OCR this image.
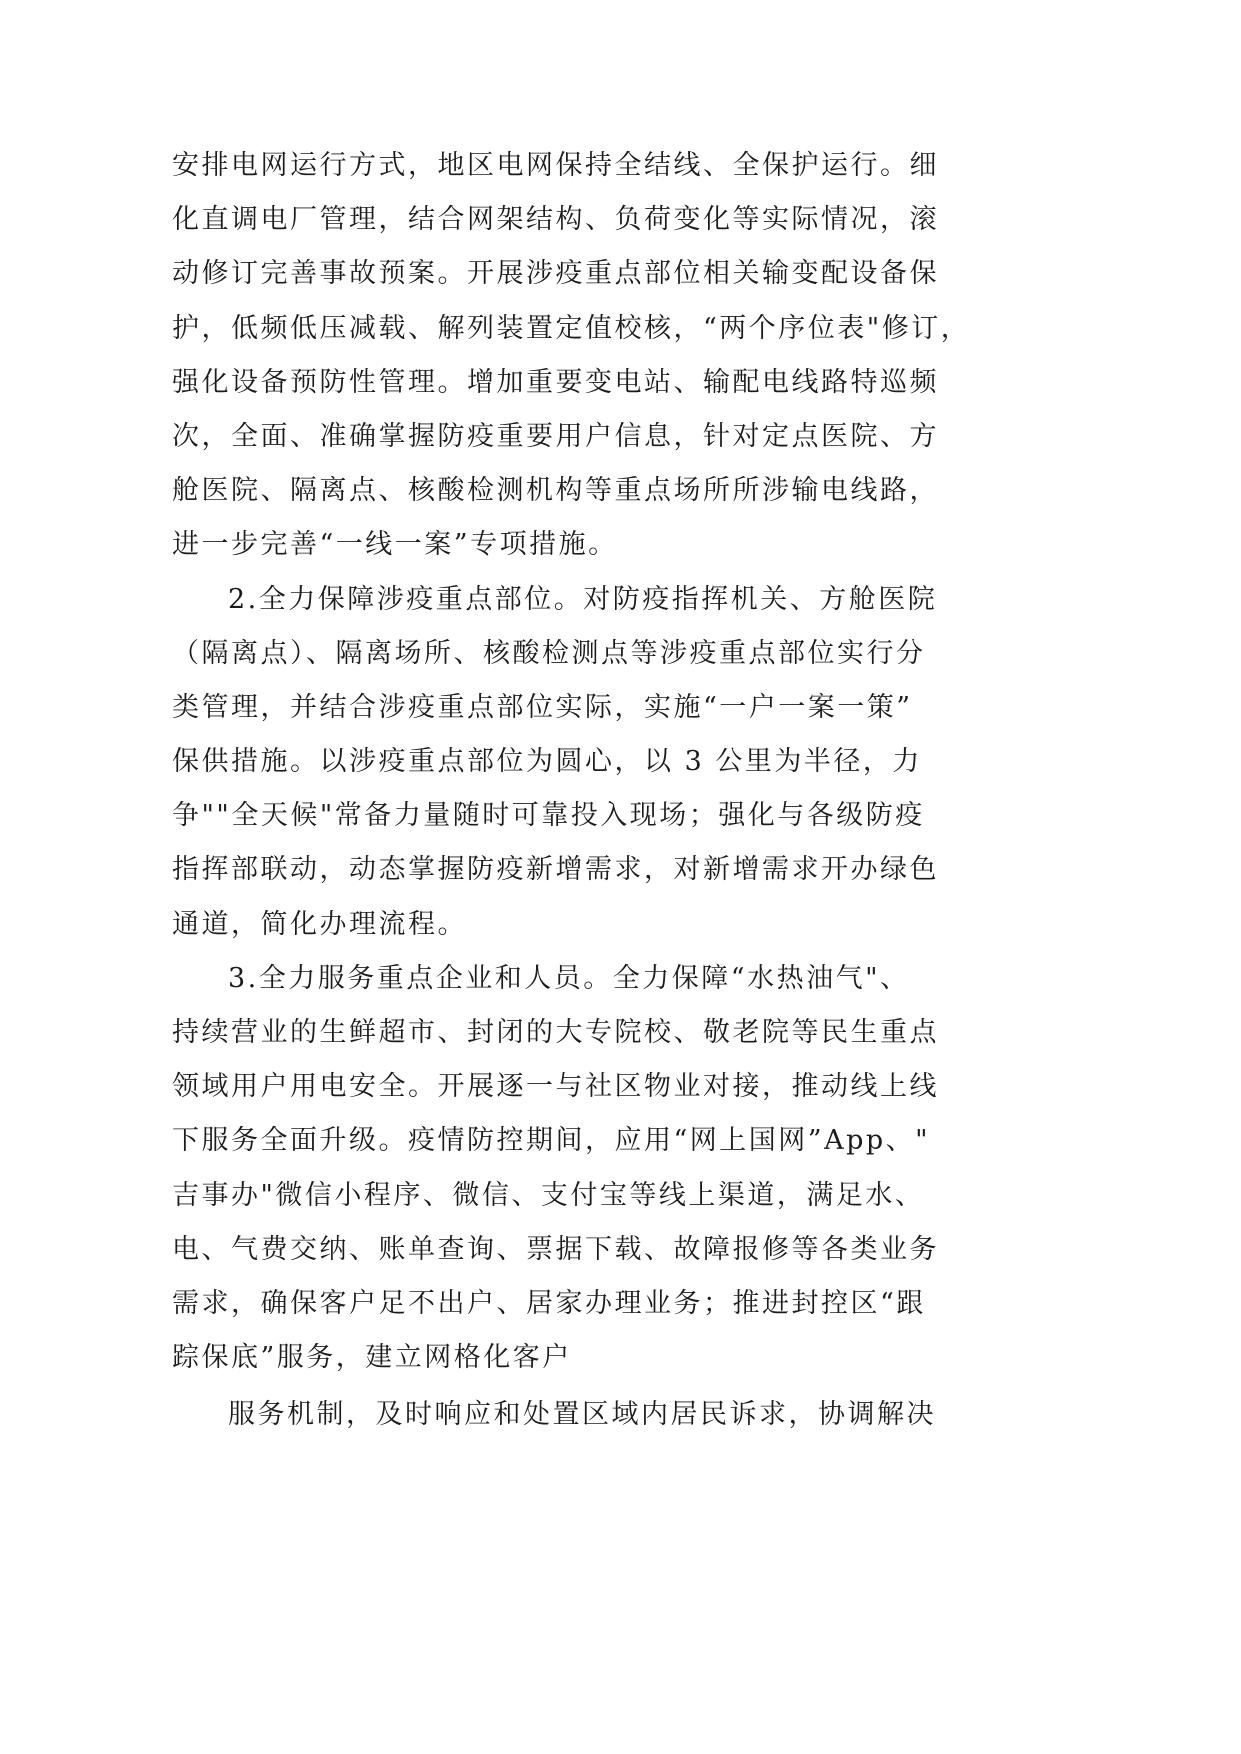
安排电网运行方式，地区电网保持全结线、全保护运行。细
化直调电厂管理，结合网架结构、负荷变化等实际情况，滚
动修订完善事故预案。开展涉疫重点部位相关输变配设备保
护，低频低压减载、解列装置定值校核，“两个序位表"修订，
强化设备预防性管理。增加重要变电站、输配电线路特巡频
次，全面、准确掌握防疫重要用户信息，针对定点医院、方
舱医院、隔离点、核酸检测机构等重点场所所涉输电线路，
进一步完善“一线一案”专项措施。
2.全力保障涉疫重点部位。对防疫指挥机关、方舱医院
（隔离点）、隔离场所、核酸检测点等涉疫重点部位实行分
类管理，并结合涉疫重点部位实际，实施“一户一案一策”
保供措施。以涉疫重点部位为圆心，以 3 公里为半径，力
争""全天候"常备力量随时可靠投入现场；强化与各级防疫
指挥部联动，动态掌握防疫新增需求，对新增需求开办绿色
通道，简化办理流程。
3.全力服务重点企业和人员。全力保障“水热油气"、
持续营业的生鲜超市、封闭的大专院校、敬老院等民生重点
领域用户用电安全。开展逐一与社区物业对接，推动线上线
下服务全面升级。疫情防控期间，应用“网上国网”App、"
吉事办"微信小程序、微信、支付宝等线上渠道，满足水、
电、气费交纳、账单查询、票据下载、故障报修等各类业务
需求，确保客户足不出户、居家办理业务；推进封控区“跟
踪保底”服务，建立网格化客户
服务机制，及时响应和处置区域内居民诉求，协调解决
